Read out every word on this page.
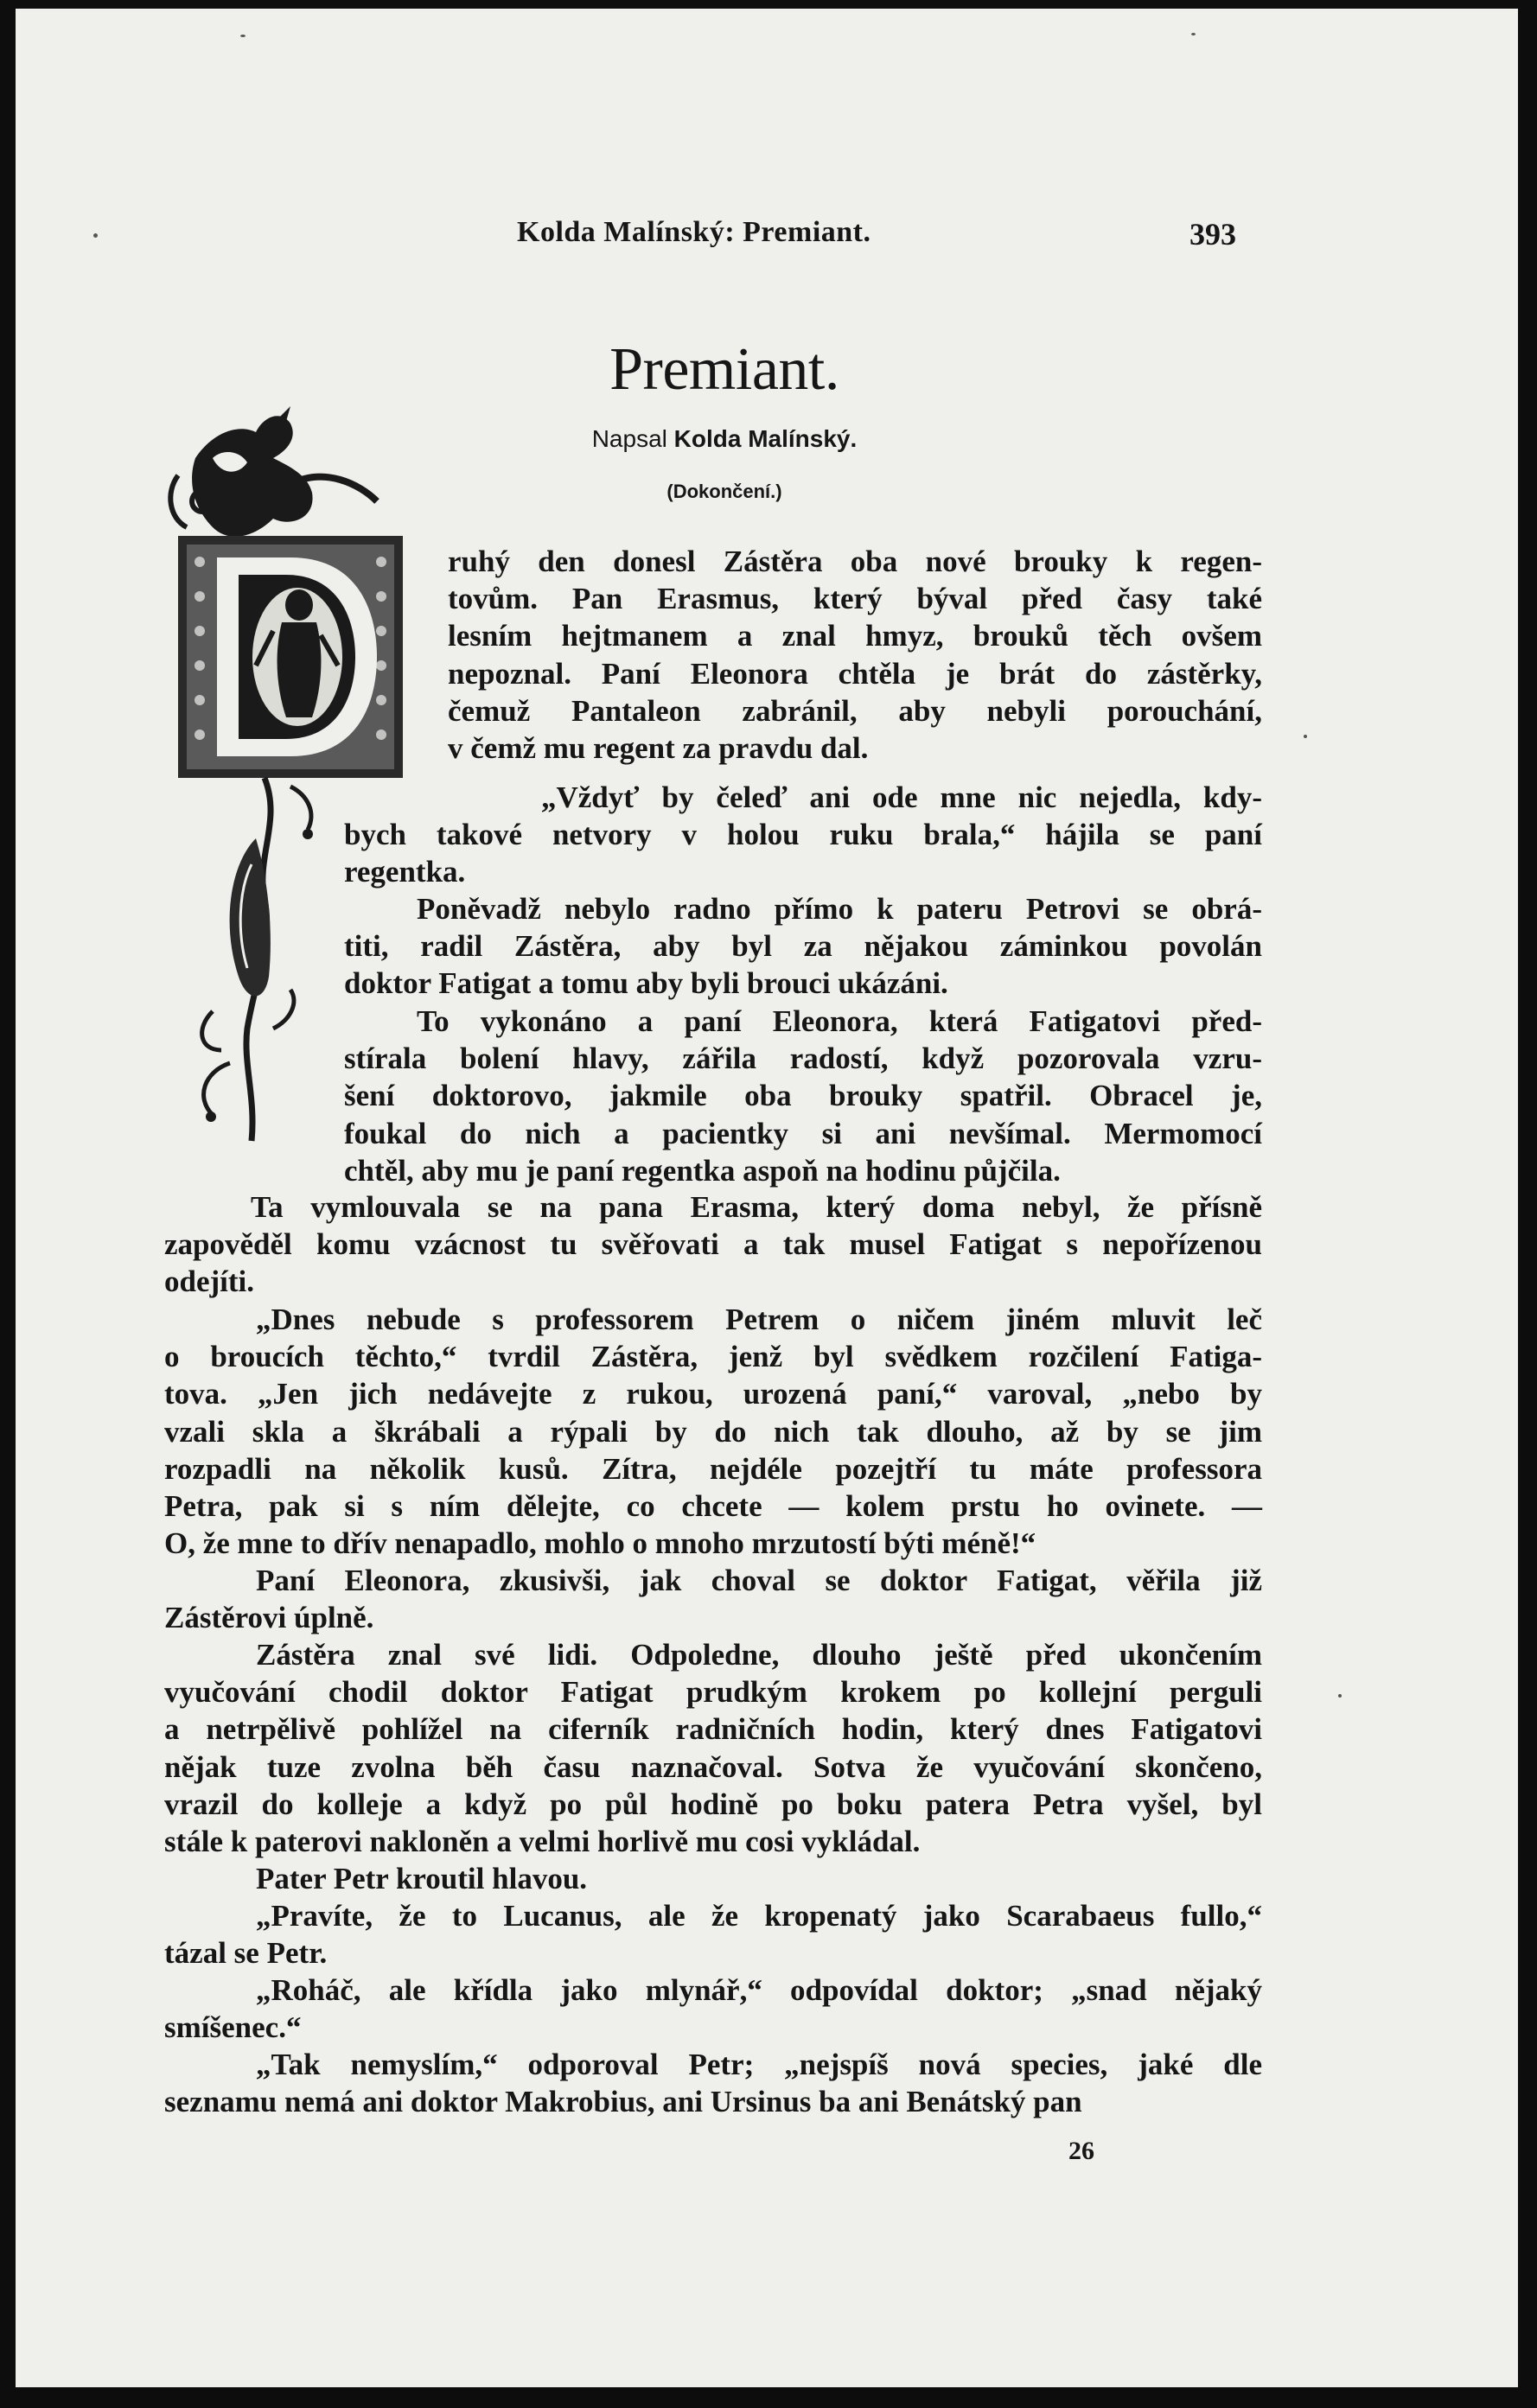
Kolda Malínský: Premiant.	393
Premiant.
Napsal Kolda Malínský.
(Dokončení.)
ruhý den donesl Zástěra oba nové brouky k regen-
tovům. Pan Erasmus, který býval před časy také
lesním hejtmanem a znal hmyz, brouků těch ovšem
nepoznal. Paní Eleonora chtěla je brát do zástěrky,
čemuž Pantaleon zabránil, aby nebyli porouchání,
v čemž mu regent za pravdu dal.
„Vždyť by čeleď ani ode mne nic nejedla, kdy-
bych takové netvory v holou ruku brala,“ hájila se paní
regentka.
Poněvadž nebylo radno přímo k pateru Petrovi se obrá-
titi, radil Zástěra, aby byl za nějakou záminkou povolán
doktor Fatigat a tomu aby byli brouci ukázáni.
To vykonáno a paní Eleonora, která Fatigatovi před-
stírala bolení hlavy, zářila radostí, když pozorovala vzru-
šení doktorovo, jakmile oba brouky spatřil. Obracel je,
foukal do nich a pacientky si ani nevšímal. Mermomocí
chtěl, aby mu je paní regentka aspoň na hodinu půjčila.
Ta vymlouvala se na pana Erasma, který doma nebyl, že přísně
zapověděl komu vzácnost tu svěřovati a tak musel Fatigat s nepořízenou
odejíti.
„Dnes nebude s professorem Petrem o ničem jiném mluvit leč
o broucích těchto,“ tvrdil Zástěra, jenž byl svědkem rozčilení Fatiga-
tova. „Jen jich nedávejte z rukou, urozená paní,“ varoval, „nebo by
vzali skla a škrábali a rýpali by do nich tak dlouho, až by se jim
rozpadli na několik kusů. Zítra, nejdéle pozejtří tu máte professora
Petra, pak si s ním dělejte, co chcete — kolem prstu ho ovinete. —
O, že mne to dřív nenapadlo, mohlo o mnoho mrzutostí býti méně!“
Paní Eleonora, zkusivši, jak choval se doktor Fatigat, věřila již
Zástěrovi úplně.
Zástěra znal své lidi. Odpoledne, dlouho ještě před ukončením
vyučování chodil doktor Fatigat prudkým krokem po kollejní perguli
a netrpělivě pohlížel na ciferník radničních hodin, který dnes Fatigatovi
nějak tuze zvolna běh času naznačoval. Sotva že vyučování skončeno,
vrazil do kolleje a když po půl hodině po boku patera Petra vyšel, byl
stále k paterovi nakloněn a velmi horlivě mu cosi vykládal.
Pater Petr kroutil hlavou.
„Pravíte, že to Lucanus, ale že kropenatý jako Scarabaeus fullo,“
tázal se Petr.
„Roháč, ale křídla jako mlynář,“ odpovídal doktor; „snad nějaký
smíšenec.“
„Tak nemyslím,“ odporoval Petr; „nejspíš nová species, jaké dle
seznamu nemá ani doktor Makrobius, ani Ursinus ba ani Benátský pan
26
